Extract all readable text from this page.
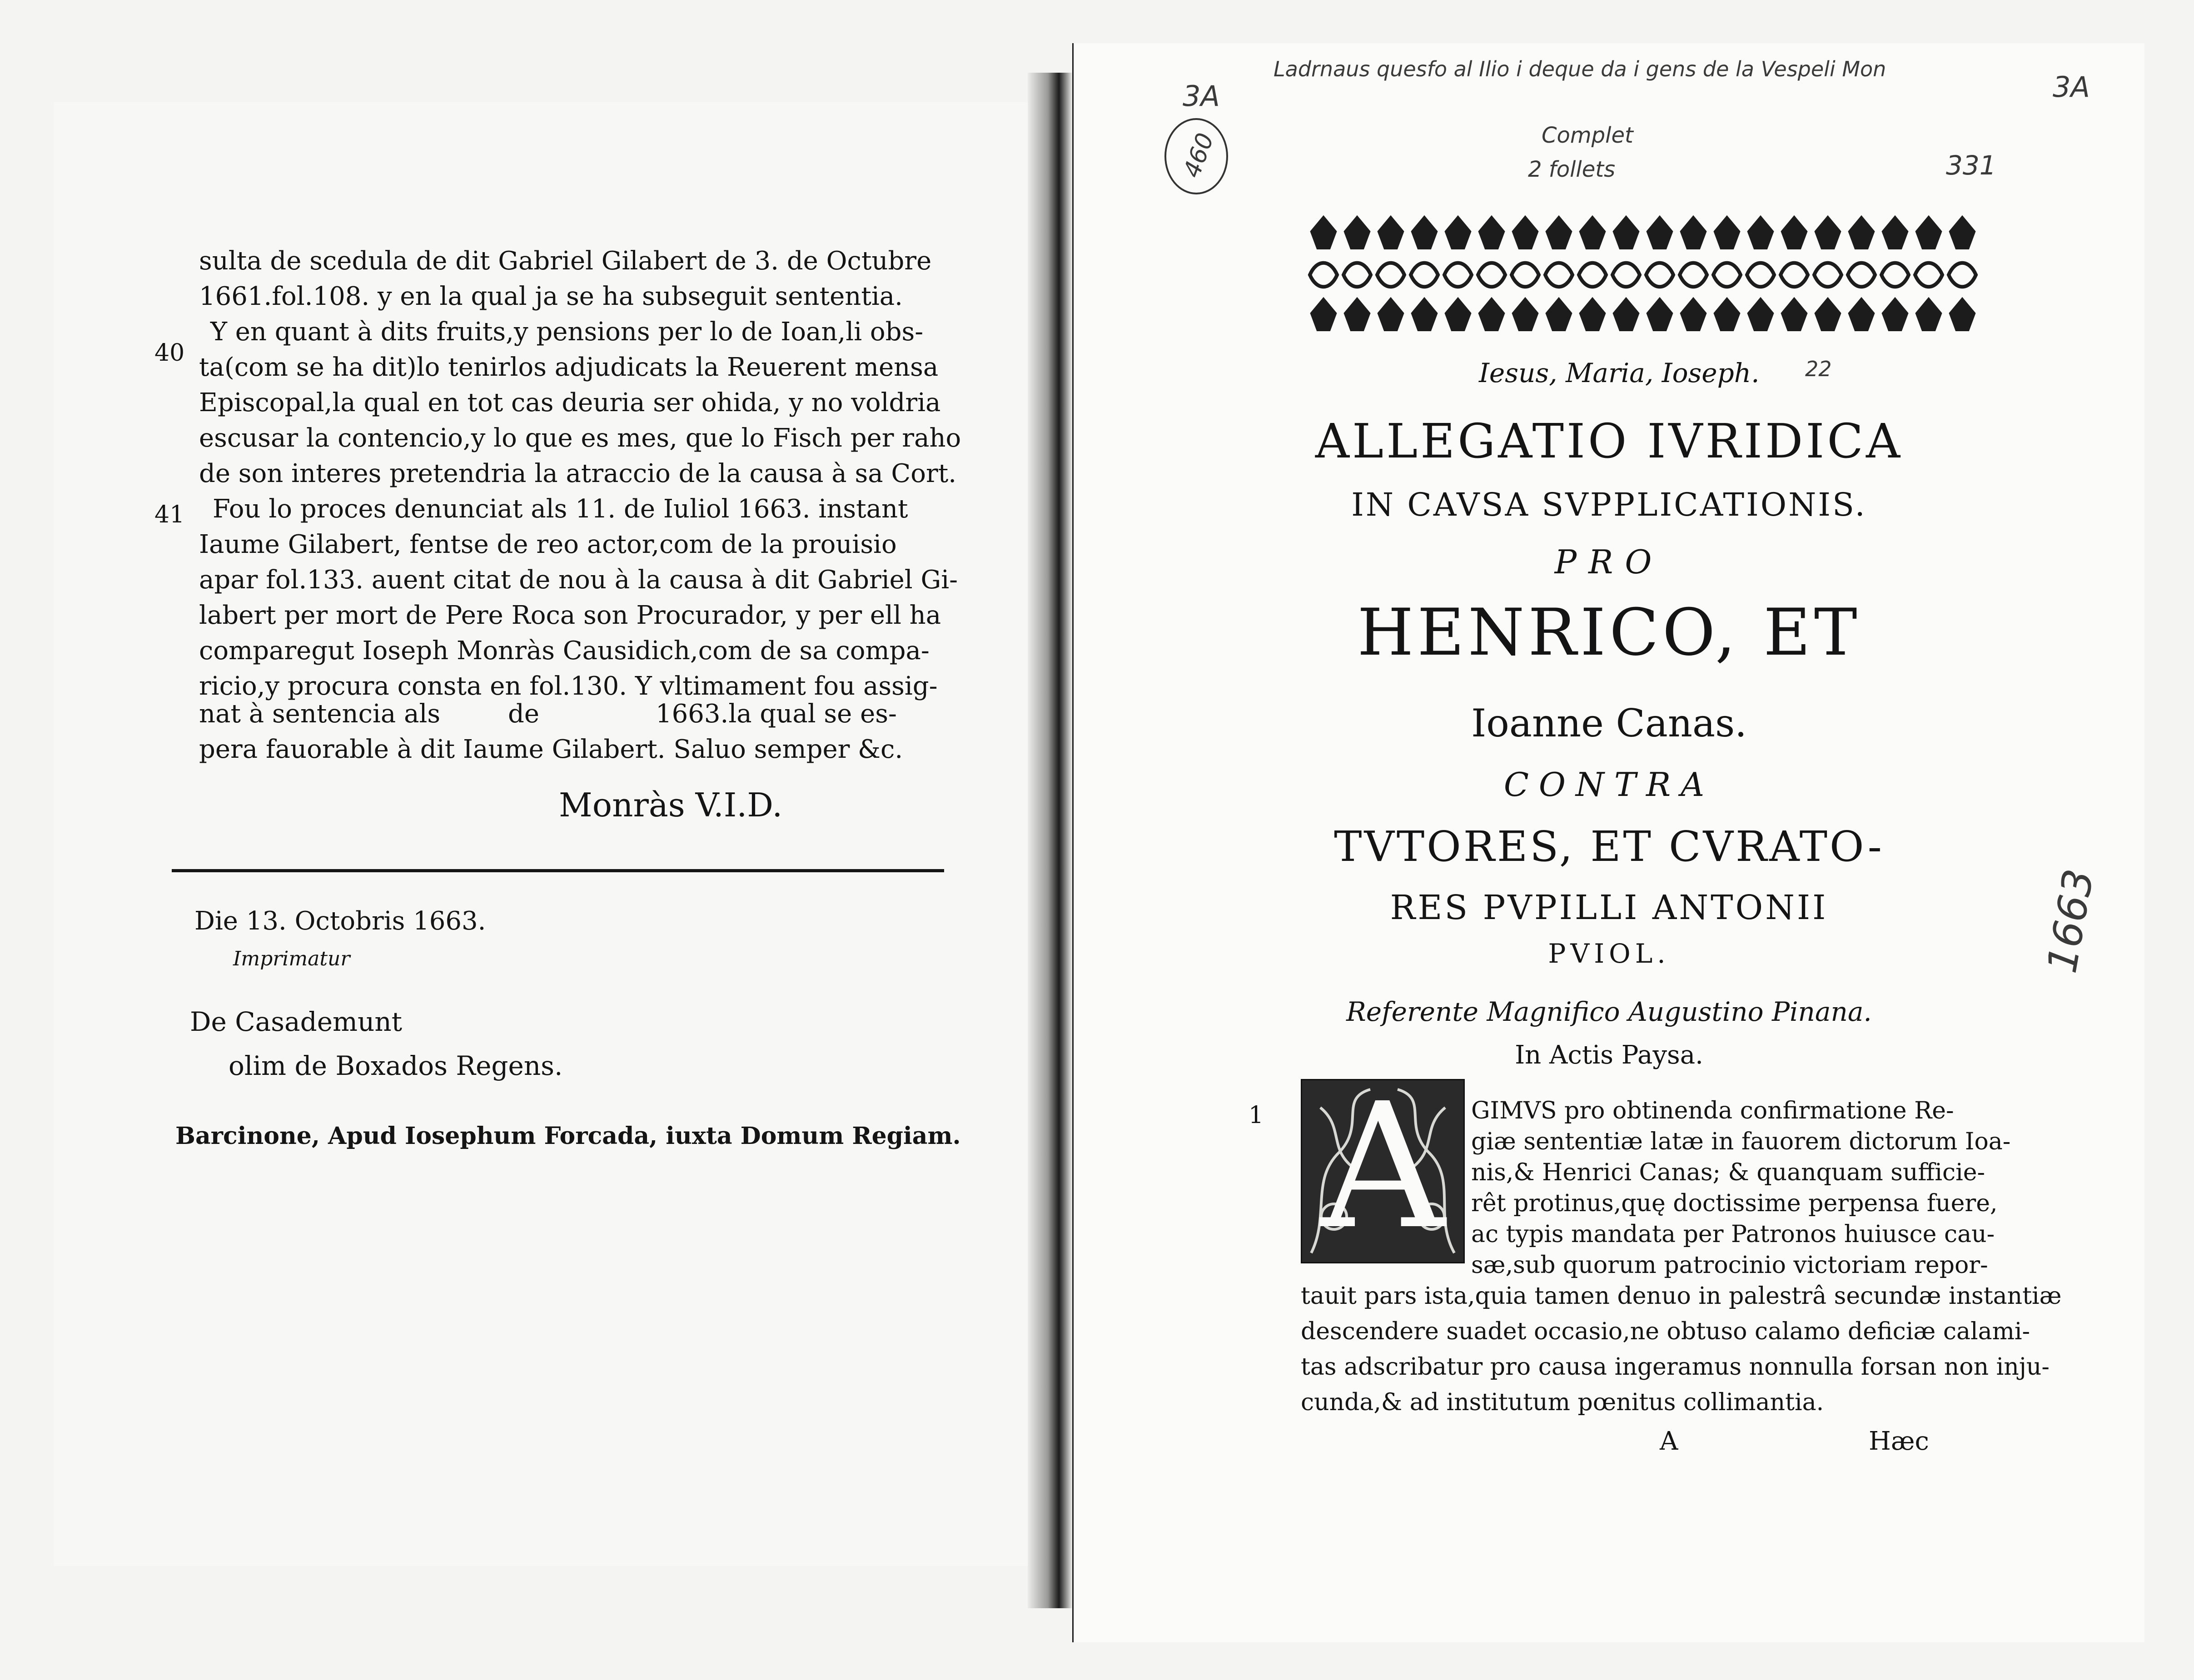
sulta de scedula de dit Gabriel Gilabert de 3. de Octubre
1661.fol.108. y en la qual ja se ha subseguit sententia.
Y en quant à dits fruits,y pensions per lo de Ioan,li obs-
ta(com se ha dit)lo tenirlos adjudicats la Reuerent mensa
Episcopal,la qual en tot cas deuria ser ohida, y no voldria
escusar la contencio,y lo que es mes, que lo Fisch per raho
de son interes pretendria la atraccio de la causa à sa Cort.
Fou lo proces denunciat als 11. de Iuliol 1663. instant
Iaume Gilabert, fentse de reo actor,com de la prouisio
apar fol.133. auent citat de nou à la causa à dit Gabriel Gi-
labert per mort de Pere Roca son Procurador, y per ell ha
comparegut Ioseph Monràs Causidich,com de sa compa-
ricio,y procura consta en fol.130. Y vltimament fou assig-
nat à sentencia als
pera fauorable à dit Iaume Gilabert. Saluo semper &c.
40
41
de	1663.la qual se es-
Monràs V.I.D.
Die 13. Octobris 1663.
Imprimatur
De Casademunt
olim de Boxados Regens.
Barcinone, Apud Iosephum Forcada, iuxta Domum Regiam.
Ladrnaus quesfo al Ilio i deque da i gens de la Vespeli Mon
3A	3A
460	Complet
2 follets	331
Iesus, Maria, Ioseph. 22
ALLEGATIO IVRIDICA
IN CAVSA SVPPLICATIONIS.
PRO
HENRICO, ET
Ioanne Canas.
CONTRA
TVTORES, ET CVRATO-
RES PVPILLI ANTONII
PVIOL.
Referente Magnifico Augustino Pinana.
In Actis Paysa.
1663
1 A	GIMVS pro obtinenda confirmatione Re-
giæ sententiæ latæ in fauorem dictorum Ioa-
nis,& Henrici Canas; & quanquam sufficie-
rêt protinus,quę doctissime perpensa fuere,
ac typis mandata per Patronos huiusce cau-
sæ,sub quorum patrocinio victoriam repor-
tauit pars ista,quia tamen denuo in palestrâ secundæ instantiæ
descendere suadet occasio,ne obtuso calamo deficiæ calami-
tas adscribatur pro causa ingeramus nonnulla forsan non inju-
cunda,& ad institutum pœnitus collimantia.
A	Hæc
